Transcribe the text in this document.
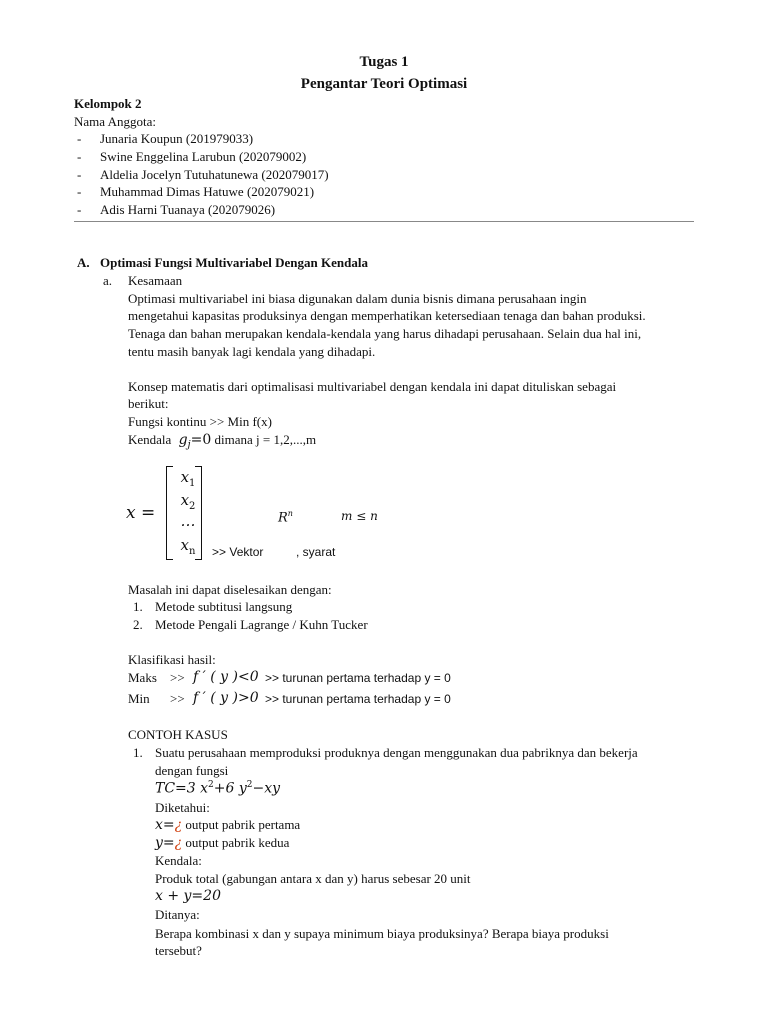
Tugas 1
Pengantar Teori Optimasi
Kelompok 2
Nama Anggota:
- Junaria Koupun (201979033)
- Swine Enggelina Larubun (202079002)
- Aldelia Jocelyn Tutuhatunewa (202079017)
- Muhammad Dimas Hatuwe (202079021)
- Adis Harni Tuanaya (202079026)
A. Optimasi Fungsi Multivariabel Dengan Kendala
a. Kesamaan
Optimasi multivariabel ini biasa digunakan dalam dunia bisnis dimana perusahaan ingin
mengetahui kapasitas produksinya dengan memperhatikan ketersediaan tenaga dan bahan produksi.
Tenaga dan bahan merupakan kendala-kendala yang harus dihadapi perusahaan. Selain dua hal ini,
tentu masih banyak lagi kendala yang dihadapi.
Konsep matematis dari optimalisasi multivariabel dengan kendala ini dapat dituliskan sebagai
berikut:
Fungsi kontinu >> Min f(x)
Kendala $g_j=0$ dimana j = 1,2,...,m
x =
$x_1$
$x_2$
…
$x_n$
$R^n$	m ≤ n
>> Vektor	, syarat
Masalah ini dapat diselesaikan dengan:
1. Metode subtitusi langsung
2. Metode Pengali Lagrange / Kuhn Tucker
Klasifikasi hasil:
Maks >> f ′ ( y )<0 >> turunan pertama terhadap y = 0
Min >> f ′ ( y )>0 >> turunan pertama terhadap y = 0
CONTOH KASUS
1. Suatu perusahaan memproduksi produknya dengan menggunakan dua pabriknya dan bekerja
dengan fungsi
TC=3 $x^2+6$ $y^2-xy$
Diketahui:
x=¿ output pabrik pertama
y=¿ output pabrik kedua
Kendala:
Produk total (gabungan antara x dan y) harus sebesar 20 unit
x + y=20
Ditanya:
Berapa kombinasi x dan y supaya minimum biaya produksinya? Berapa biaya produksi
tersebut?
